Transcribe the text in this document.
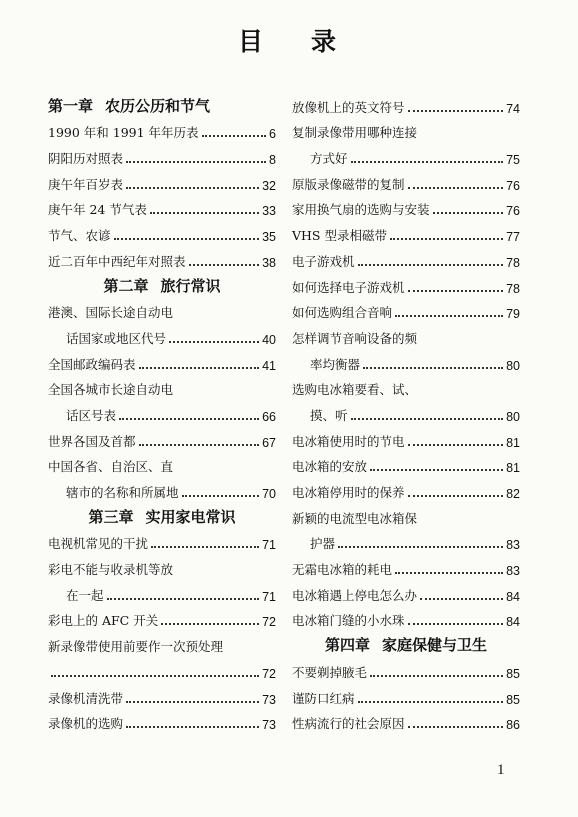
目 录
第一章 农历公历和节气
1990 年和 1991 年年历表	6
阴阳历对照表	8
庚午年百岁表	32
庚午年 24 节气表	33
节气、农谚	35
近二百年中西纪年对照表	38
第二章 旅行常识
港澳、国际长途自动电
话国家或地区代号	40
全国邮政编码表	41
全国各城市长途自动电
话区号表	66
世界各国及首都	67
中国各省、自治区、直
辖市的名称和所属地	70
第三章 实用家电常识
电视机常见的干扰	71
彩电不能与收录机等放
在一起	71
彩电上的 AFC 开关	72
新录像带使用前要作一次预处理
72
录像机清洗带	73
录像机的选购	73
放像机上的英文符号	74
复制录像带用哪种连接
方式好	75
原版录像磁带的复制	76
家用换气扇的选购与安装	76
VHS 型录相磁带	77
电子游戏机	78
如何选择电子游戏机	78
如何选购组合音响	79
怎样调节音响设备的频
率均衡器	80
选购电冰箱要看、试、
摸、听	80
电冰箱使用时的节电	81
电冰箱的安放	81
电冰箱停用时的保养	82
新颖的电流型电冰箱保
护器	83
无霜电冰箱的耗电	83
电冰箱遇上停电怎么办	84
电冰箱门缝的小水珠	84
第四章 家庭保健与卫生
不要剃掉腋毛	85
谨防口红病	85
性病流行的社会原因	86
1
